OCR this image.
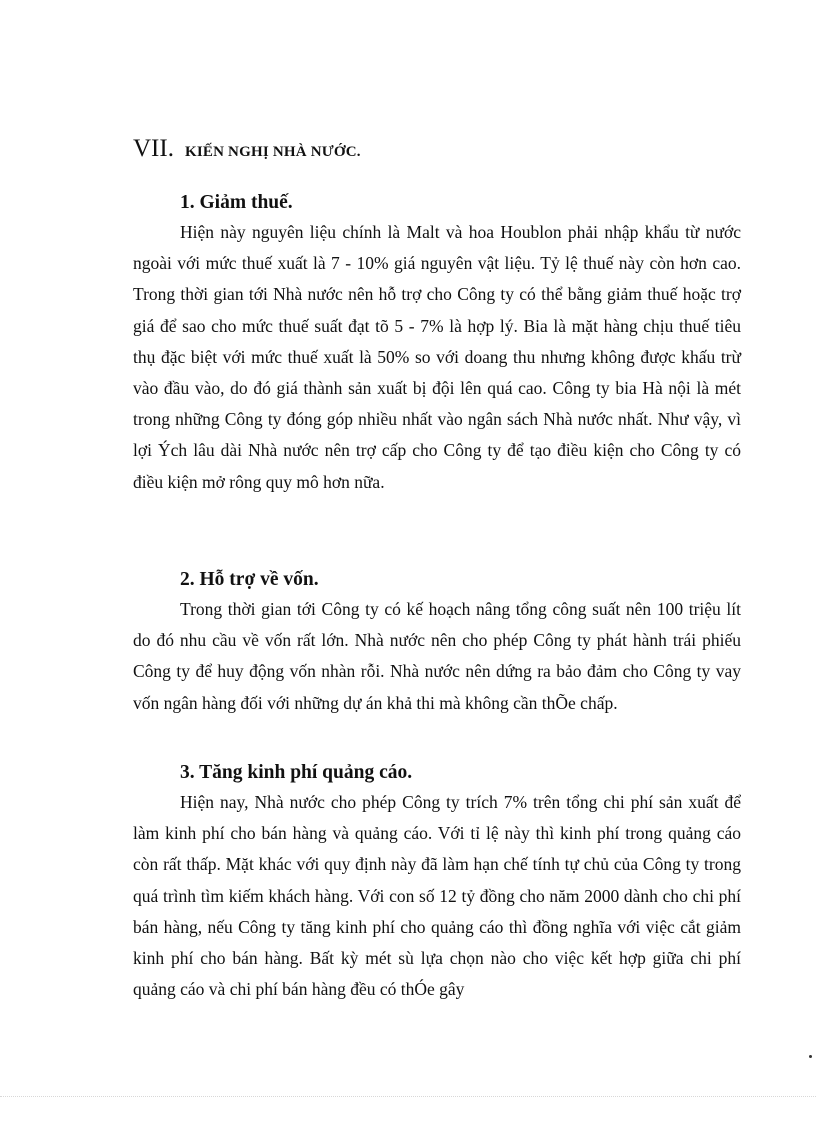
VII. KIẾN NGHỊ NHÀ NƯỚC.
1. Giảm thuế.

Hiện này nguyên liệu chính là Malt và hoa Houblon phải nhập khẩu từ nước ngoài với mức thuế xuất là 7 - 10% giá nguyên vật liệu. Tỷ lệ thuế này còn hơn cao. Trong thời gian tới Nhà nước nên hỗ trợ cho Công ty có thể bằng giảm thuế hoặc trợ giá để sao cho mức thuế suất đạt tõ 5 - 7% là hợp lý. Bia là mặt hàng chịu thuế tiêu thụ đặc biệt với mức thuế xuất là 50% so với doang thu nhưng không được khấu trừ vào đầu vào, do đó giá thành sản xuất bị đội lên quá cao. Công ty bia Hà nội là mét trong những Công ty đóng góp nhiều nhất vào ngân sách Nhà nước nhất. Như vậy, vì lợi Ých lâu dài Nhà nước nên trợ cấp cho Công ty để tạo điều kiện cho Công ty có điều kiện mở rông quy mô hơn nữa.

2. Hỗ trợ về vốn.

Trong thời gian tới Công ty có kế hoạch nâng tổng công suất nên 100 triệu lít do đó nhu cầu về vốn rất lớn. Nhà nước nên cho phép Công ty phát hành trái phiếu Công ty để huy động vốn nhàn rỗi. Nhà nước nên dứng ra bảo đảm cho Công ty vay vốn ngân hàng đối với những dự án khả thi mà không cần thÕe chấp.

3. Tăng kinh phí quảng cáo.

Hiện nay, Nhà nước cho phép Công ty trích 7% trên tổng chi phí sản xuất để làm kinh phí cho bán hàng và quảng cáo. Với tỉ lệ này thì kinh phí trong quảng cáo còn rất thấp. Mặt khác với quy định này đã làm hạn chế tính tự chủ của Công ty trong quá trình tìm kiếm khách hàng. Với con số 12 tỷ đồng cho năm 2000 dành cho chi phí bán hàng, nếu Công ty tăng kinh phí cho quảng cáo thì đồng nghĩa với việc cắt giảm kinh phí cho bán hàng. Bất kỳ mét sù lựa chọn nào cho việc kết hợp giữa chi phí quảng cáo và chi phí bán hàng đều có thÓe gây
